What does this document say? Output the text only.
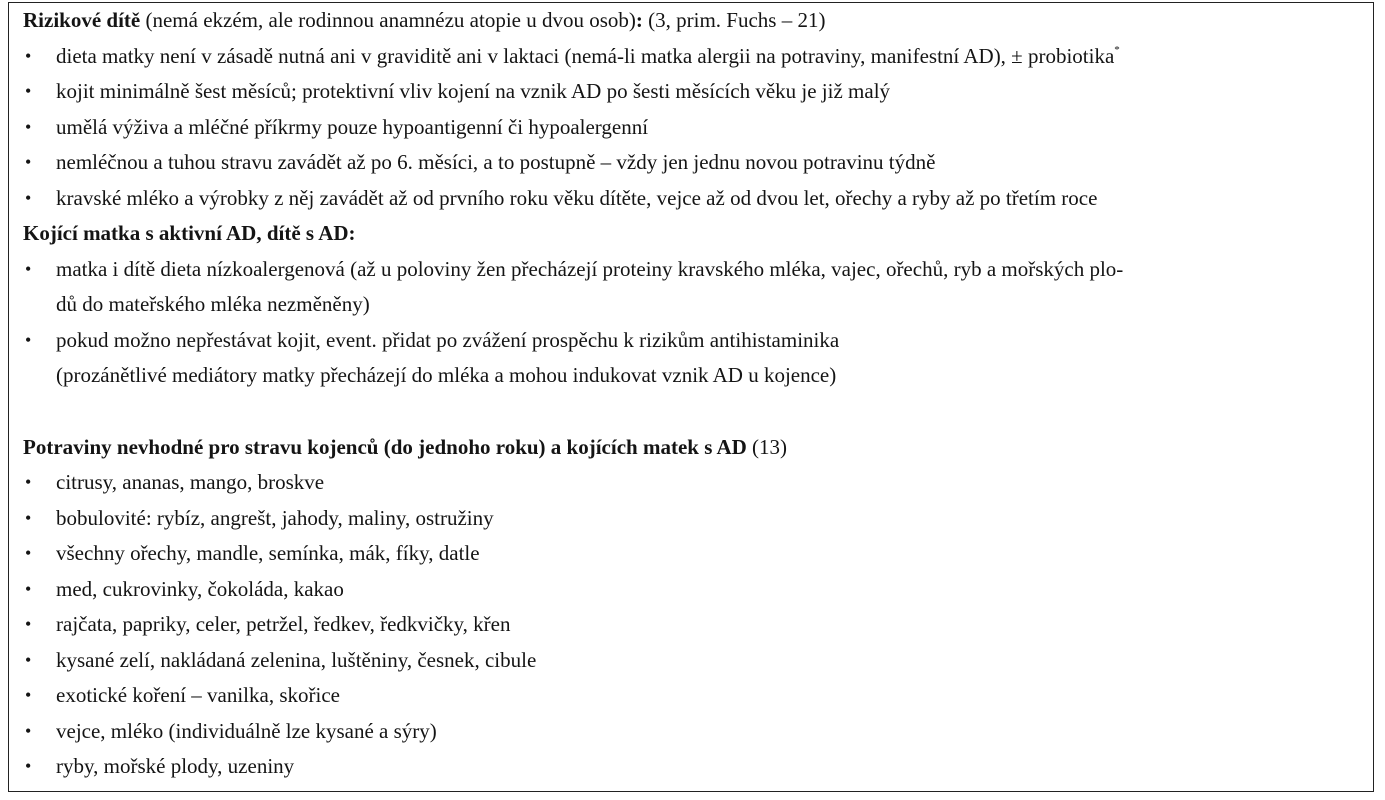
Rizikové dítě (nemá ekzém, ale rodinnou anamnézu atopie u dvou osob): (3, prim. Fuchs – 21)
• dieta matky není v zásadě nutná ani v graviditě ani v laktaci (nemá-li matka alergii na potraviny, manifestní AD), ± probiotika*
• kojit minimálně šest měsíců; protektivní vliv kojení na vznik AD po šesti měsících věku je již malý
• umělá výživa a mléčné příkrmy pouze hypoantigenní či hypoalergenní
• nemléčnou a tuhou stravu zavádět až po 6. měsíci, a to postupně – vždy jen jednu novou potravinu týdně
• kravské mléko a výrobky z něj zavádět až od prvního roku věku dítěte, vejce až od dvou let, ořechy a ryby až po třetím roce
Kojící matka s aktivní AD, dítě s AD:
• matka i dítě dieta nízkoalergenová (až u poloviny žen přecházejí proteiny kravského mléka, vajec, ořechů, ryb a mořských plo-
dů do mateřského mléka nezměněny)
• pokud možno nepřestávat kojit, event. přidat po zvážení prospěchu k rizikům antihistaminika
(prozánětlivé mediátory matky přecházejí do mléka a mohou indukovat vznik AD u kojence)
Potraviny nevhodné pro stravu kojenců (do jednoho roku) a kojících matek s AD (13)
• citrusy, ananas, mango, broskve
• bobulovité: rybíz, angrešt, jahody, maliny, ostružiny
• všechny ořechy, mandle, semínka, mák, fíky, datle
• med, cukrovinky, čokoláda, kakao
• rajčata, papriky, celer, petržel, ředkev, ředkvičky, křen
• kysané zelí, nakládaná zelenina, luštěniny, česnek, cibule
• exotické koření – vanilka, skořice
• vejce, mléko (individuálně lze kysané a sýry)
• ryby, mořské plody, uzeniny
